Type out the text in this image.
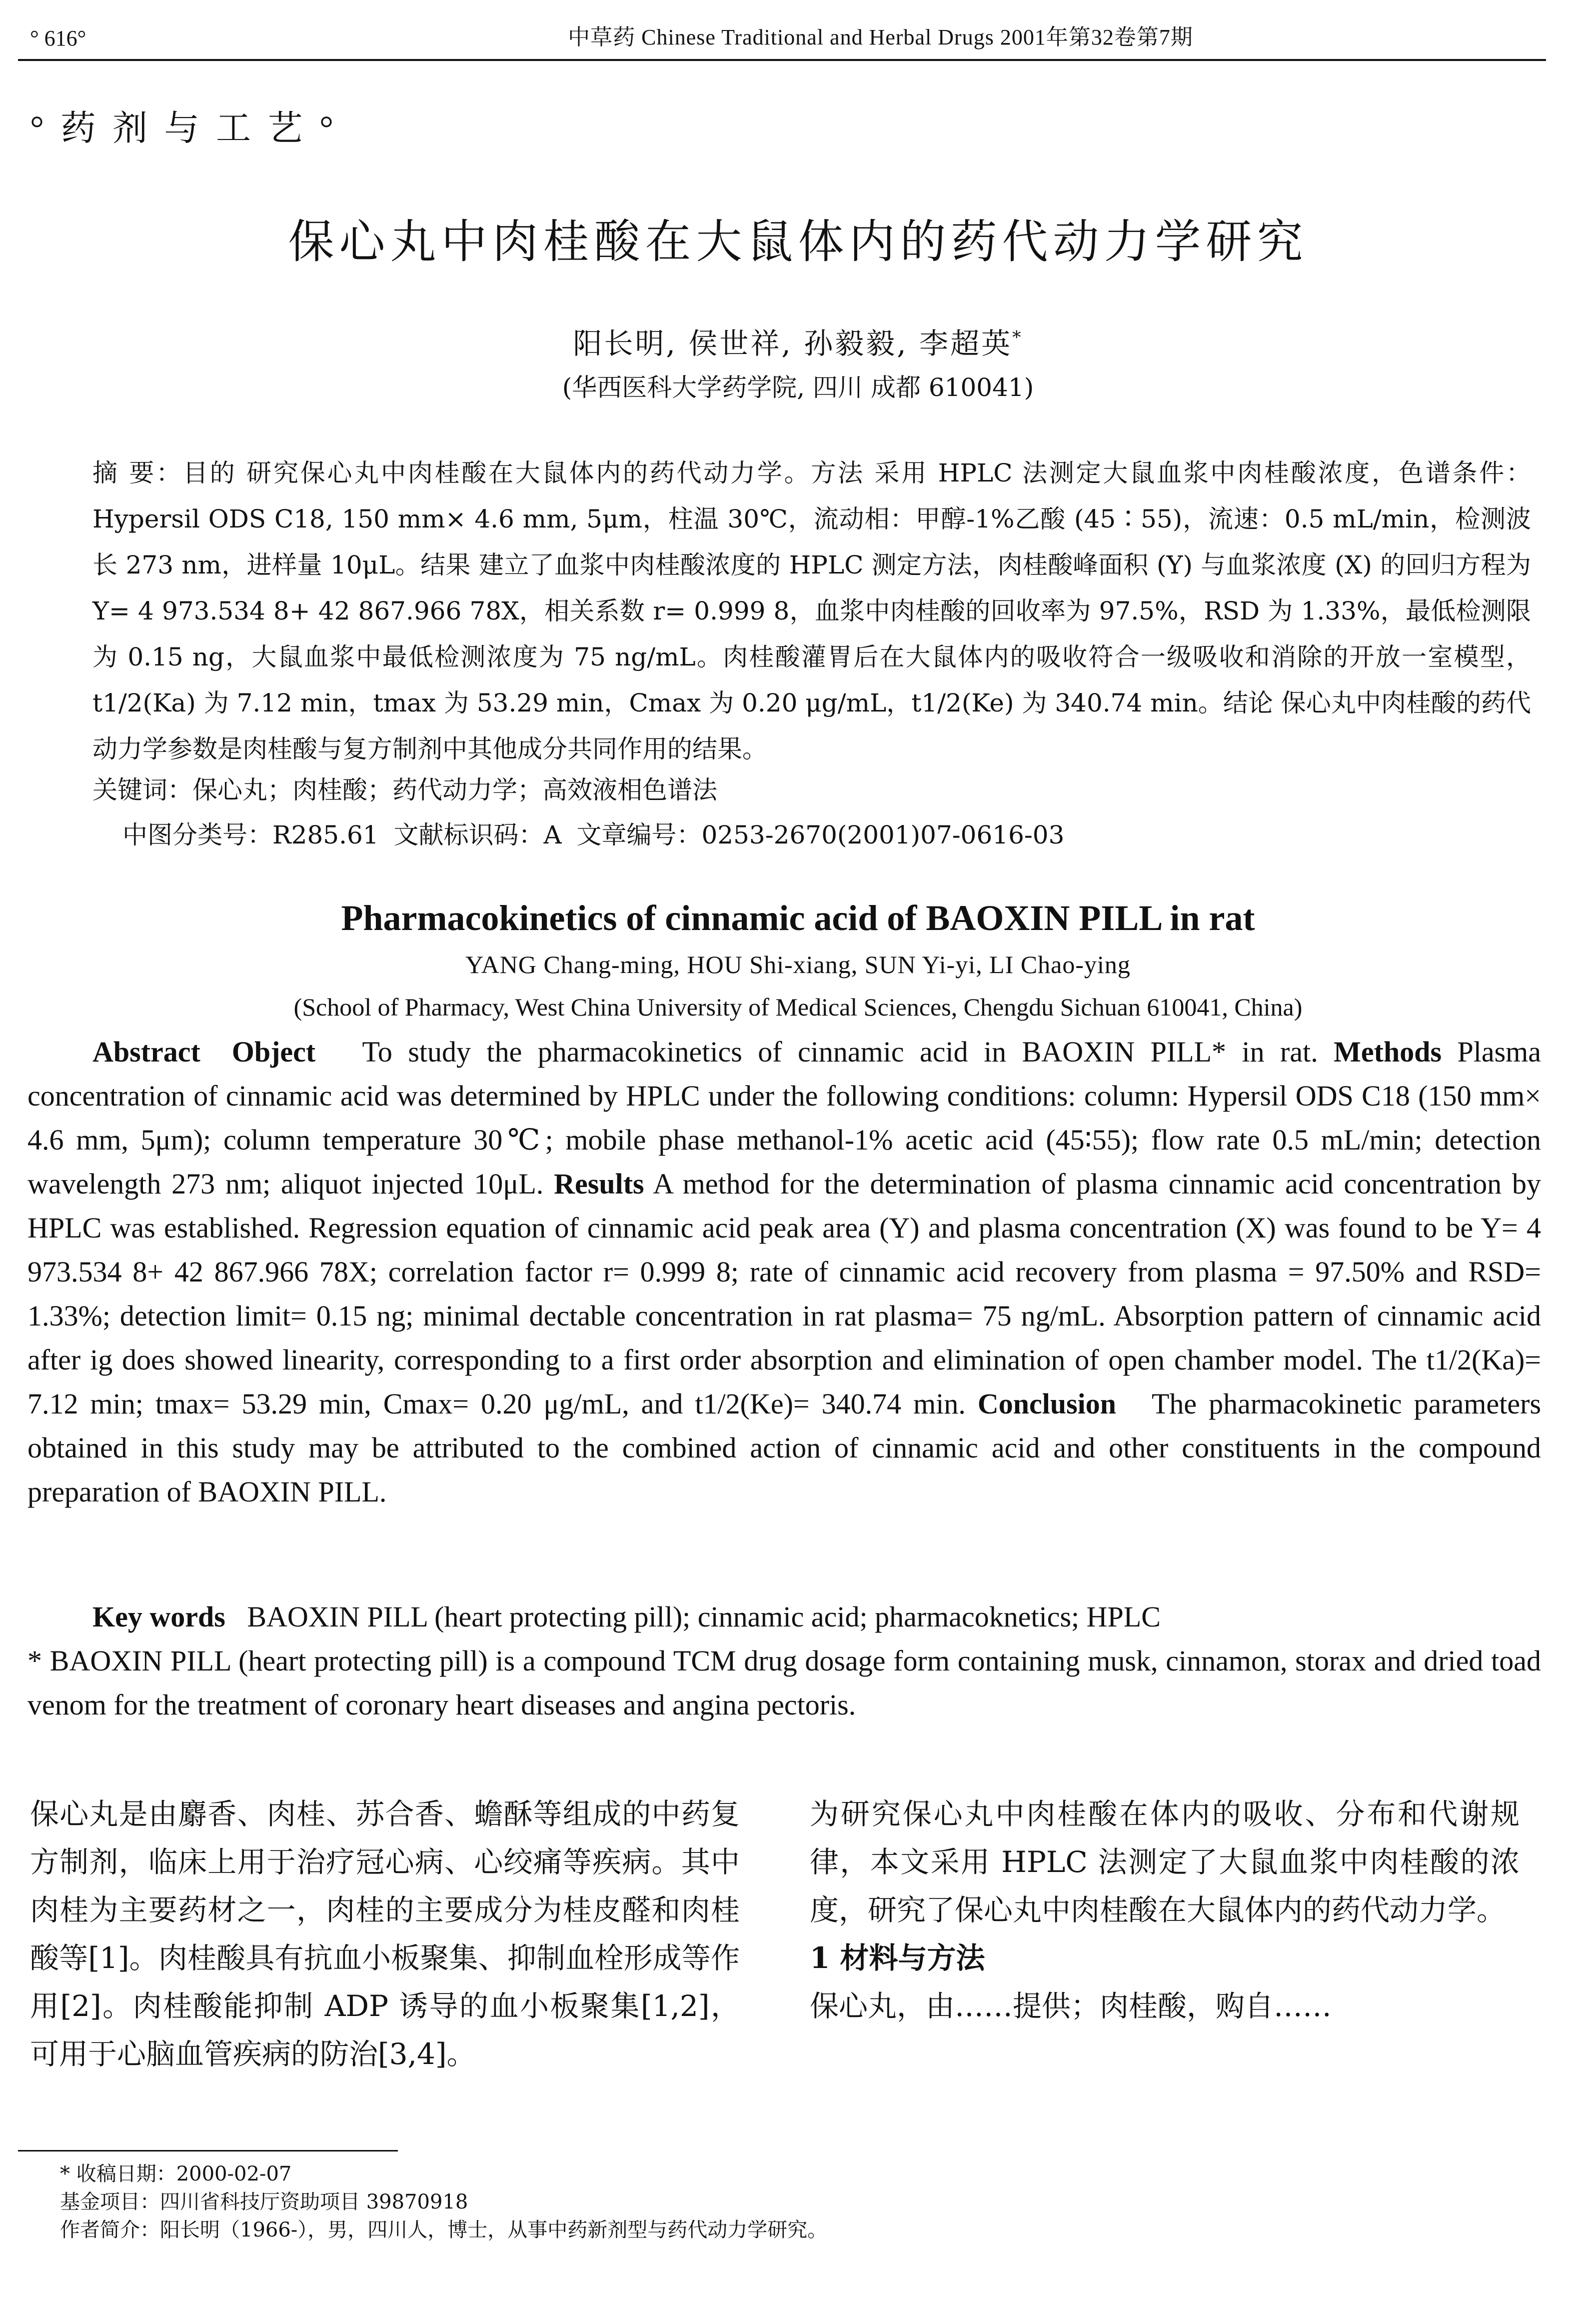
° 616°	中草药 Chinese Traditional and Herbal Drugs 2001年第32卷第7期
° 药 剂 与 工 艺 °
保心丸中肉桂酸在大鼠体内的药代动力学研究
阳长明, 侯世祥, 孙毅毅, 李超英*
(华西医科大学药学院, 四川 成都 610041)
摘 要：目的 研究保心丸中肉桂酸在大鼠体内的药代动力学。方法 采用 HPLC 法测定大鼠血浆中肉桂酸浓度，色谱条件：Hypersil ODS C18, 150 mm× 4.6 mm, 5μm，柱温 30℃，流动相：甲醇-1%乙酸 (45∶55)，流速：0.5 mL/min，检测波长 273 nm，进样量 10μL。结果 建立了血浆中肉桂酸浓度的 HPLC 测定方法，肉桂酸峰面积 (Y) 与血浆浓度 (X) 的回归方程为 Y= 4 973.534 8+ 42 867.966 78X，相关系数 r= 0.999 8，血浆中肉桂酸的回收率为 97.5%，RSD 为 1.33%，最低检测限为 0.15 ng，大鼠血浆中最低检测浓度为 75 ng/mL。肉桂酸灌胃后在大鼠体内的吸收符合一级吸收和消除的开放一室模型，t1/2(Ka) 为 7.12 min，tmax 为 53.29 min，Cmax 为 0.20 μg/mL，t1/2(Ke) 为 340.74 min。结论 保心丸中肉桂酸的药代动力学参数是肉桂酸与复方制剂中其他成分共同作用的结果。
关键词：保心丸；肉桂酸；药代动力学；高效液相色谱法
中图分类号：R285.61 文献标识码：A 文章编号：0253-2670(2001)07-0616-03
Pharmacokinetics of cinnamic acid of BAOXIN PILL in rat
YANG Chang-ming, HOU Shi-xiang, SUN Yi-yi, LI Chao-ying
(School of Pharmacy, West China University of Medical Sciences, Chengdu Sichuan 610041, China)
Abstract Object To study the pharmacokinetics of cinnamic acid in BAOXIN PILL* in rat. Methods Plasma concentration of cinnamic acid was determined by HPLC under the following conditions: column: Hypersil ODS C18 (150 mm× 4.6 mm, 5μm); column temperature 30℃; mobile phase methanol-1% acetic acid (45∶55); flow rate 0.5 mL/min; detection wavelength 273 nm; aliquot injected 10μL. Results A method for the determination of plasma cinnamic acid concentration by HPLC was established. Regression equation of cinnamic acid peak area (Y) and plasma concentration (X) was found to be Y= 4 973.534 8+ 42 867.966 78X; correlation factor r= 0.999 8; rate of cinnamic acid recovery from plasma = 97.50% and RSD= 1.33%; detection limit= 0.15 ng; minimal dectable concentration in rat plasma= 75 ng/mL. Absorption pattern of cinnamic acid after ig does showed linearity, corresponding to a first order absorption and elimination of open chamber model. The t1/2(Ka)= 7.12 min; tmax= 53.29 min, Cmax= 0.20 μg/mL, and t1/2(Ke)= 340.74 min. Conclusion The pharmacokinetic parameters obtained in this study may be attributed to the combined action of cinnamic acid and other constituents in the compound preparation of BAOXIN PILL.
Key words BAOXIN PILL (heart protecting pill); cinnamic acid; pharmacoknetics; HPLC
* BAOXIN PILL (heart protecting pill) is a compound TCM drug dosage form containing musk, cinnamon, storax and dried toad venom for the treatment of coronary heart diseases and angina pectoris.
保心丸是由麝香、肉桂、苏合香、蟾酥等组成的中药复方制剂，临床上用于治疗冠心病、心绞痛等疾病。其中肉桂为主要药材之一，肉桂的主要成分为桂皮醛和肉桂酸等[1]。肉桂酸具有抗血小板聚集、抑制血栓形成等作用[2]。肉桂酸能抑制 ADP 诱导的血小板聚集[1,2]，可用于心脑血管疾病的防治[3,4]。
为研究保心丸中肉桂酸在体内的吸收、分布和代谢规律，本文采用 HPLC 法测定了大鼠血浆中肉桂酸的浓度，研究了保心丸中肉桂酸在大鼠体内的药代动力学。
1 材料与方法
保心丸，由……提供；肉桂酸，购自……
* 收稿日期：2000-02-07
基金项目：四川省科技厅资助项目 39870918
作者简介：阳长明（1966-），男，四川人，博士，从事中药新剂型与药代动力学研究。
